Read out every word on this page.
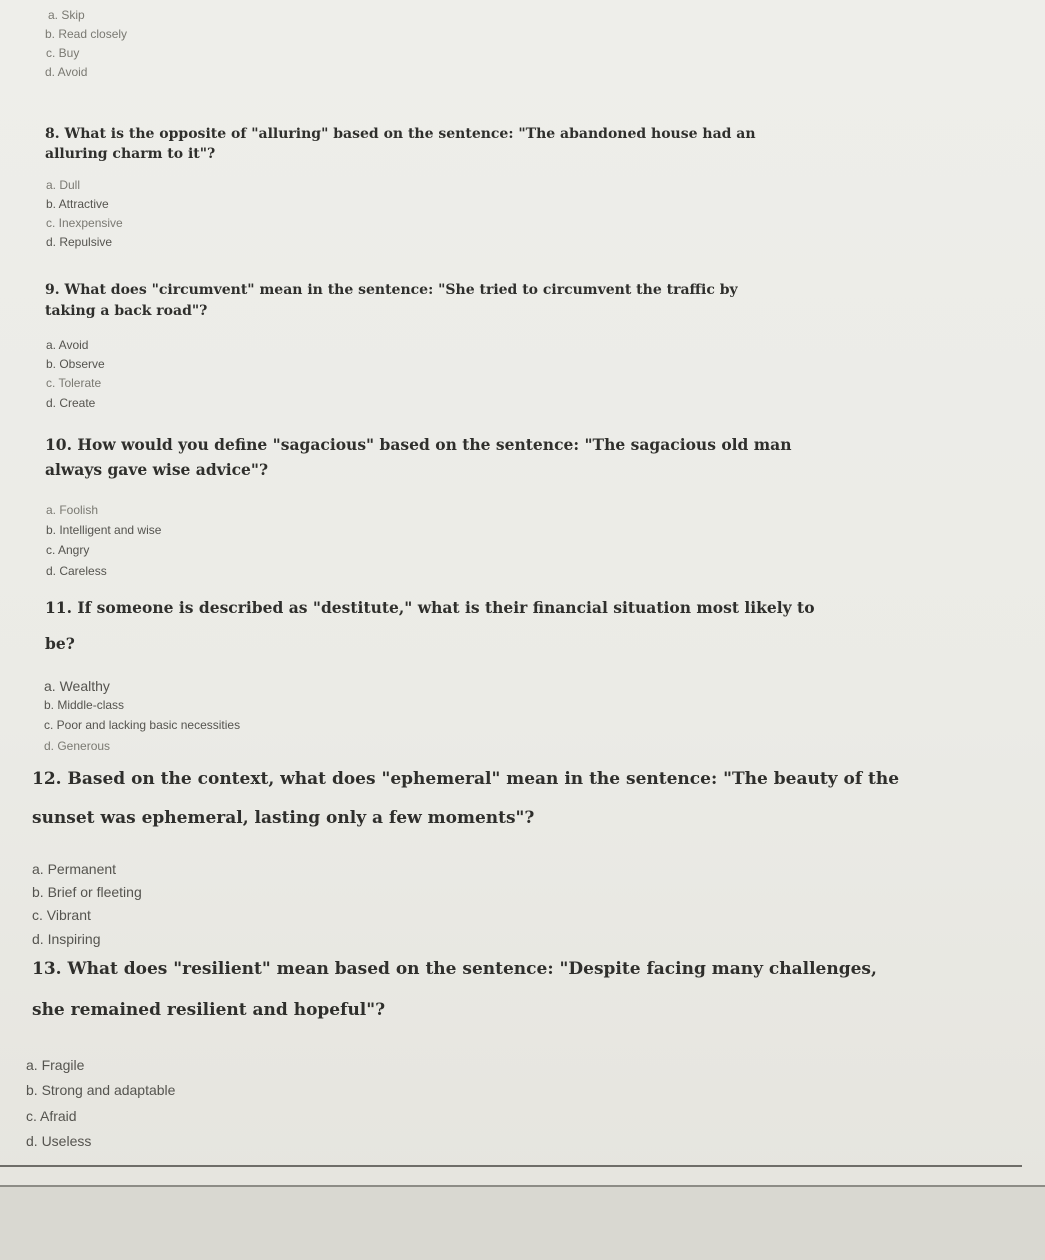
a. Skip
b. Read closely
c. Buy
d. Avoid
8. What is the opposite of "alluring" based on the sentence: "The abandoned house had an
alluring charm to it"?
a. Dull
b. Attractive
c. Inexpensive
d. Repulsive
9. What does "circumvent" mean in the sentence: "She tried to circumvent the traffic by
taking a back road"?
a. Avoid
b. Observe
c. Tolerate
d. Create
10. How would you define "sagacious" based on the sentence: "The sagacious old man
always gave wise advice"?
a. Foolish
b. Intelligent and wise
c. Angry
d. Careless
11. If someone is described as "destitute," what is their financial situation most likely to
be?
a. Wealthy
b. Middle-class
c. Poor and lacking basic necessities
d. Generous
12. Based on the context, what does "ephemeral" mean in the sentence: "The beauty of the
sunset was ephemeral, lasting only a few moments"?
a. Permanent
b. Brief or fleeting
c. Vibrant
d. Inspiring
13. What does "resilient" mean based on the sentence: "Despite facing many challenges,
she remained resilient and hopeful"?
a. Fragile
b. Strong and adaptable
c. Afraid
d. Useless
